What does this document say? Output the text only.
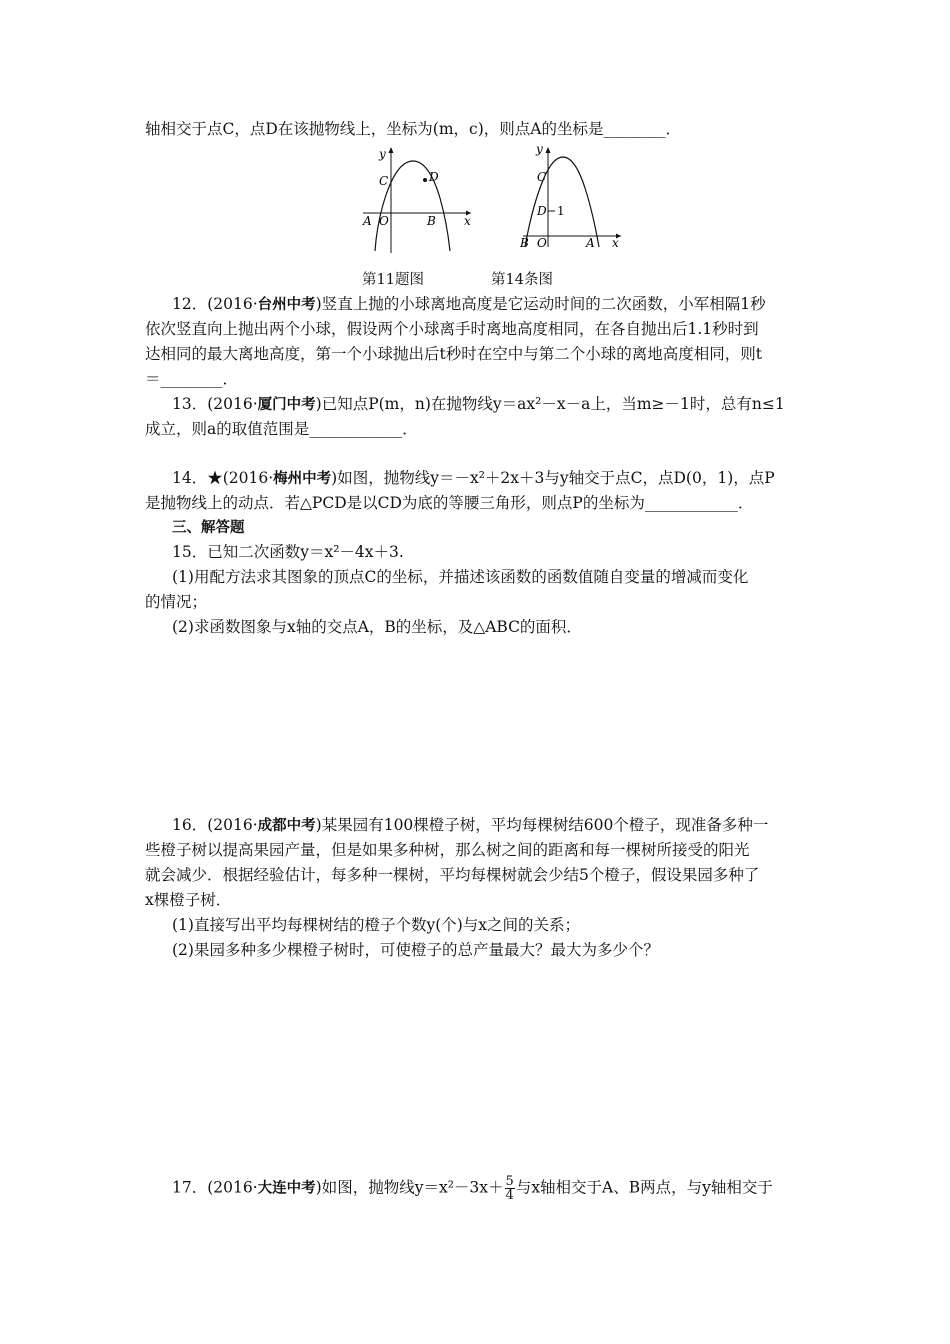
轴相交于点C，点D在该抛物线上，坐标为(m，c)，则点A的坐标是________．
y
x
C	D
A O	B
y
x
C
D 1
B O	A
第11题图	第14条图
12．(2016·台州中考)竖直上抛的小球离地高度是它运动时间的二次函数，小军相隔1秒
依次竖直向上抛出两个小球，假设两个小球离手时离地高度相同，在各自抛出后1.1秒时到
达相同的最大离地高度，第一个小球抛出后t秒时在空中与第二个小球的离地高度相同，则t
＝________．
13．(2016·厦门中考)已知点P(m，n)在抛物线y＝ax²－x－a上，当m≥－1时，总有n≤1
成立，则a的取值范围是____________．
14．★(2016·梅州中考)如图，抛物线y＝－x²＋2x＋3与y轴交于点C，点D(0，1)，点P
是抛物线上的动点．若△PCD是以CD为底的等腰三角形，则点P的坐标为____________．
三、解答题
15．已知二次函数y＝x²－4x＋3.
(1)用配方法求其图象的顶点C的坐标，并描述该函数的函数值随自变量的增减而变化
的情况；
(2)求函数图象与x轴的交点A，B的坐标，及△ABC的面积．
16．(2016·成都中考)某果园有100棵橙子树，平均每棵树结600个橙子，现准备多种一
些橙子树以提高果园产量，但是如果多种树，那么树之间的距离和每一棵树所接受的阳光
就会减少．根据经验估计，每多种一棵树，平均每棵树就会少结5个橙子，假设果园多种了
x棵橙子树．
(1)直接写出平均每棵树结的橙子个数y(个)与x之间的关系；
(2)果园多种多少棵橙子树时，可使橙子的总产量最大？最大为多少个？
17．(2016·大连中考)如图，抛物线$y=x^2-3x+ \frac{5}{4}$ 与x轴相交于A、B两点，与y轴相交于
